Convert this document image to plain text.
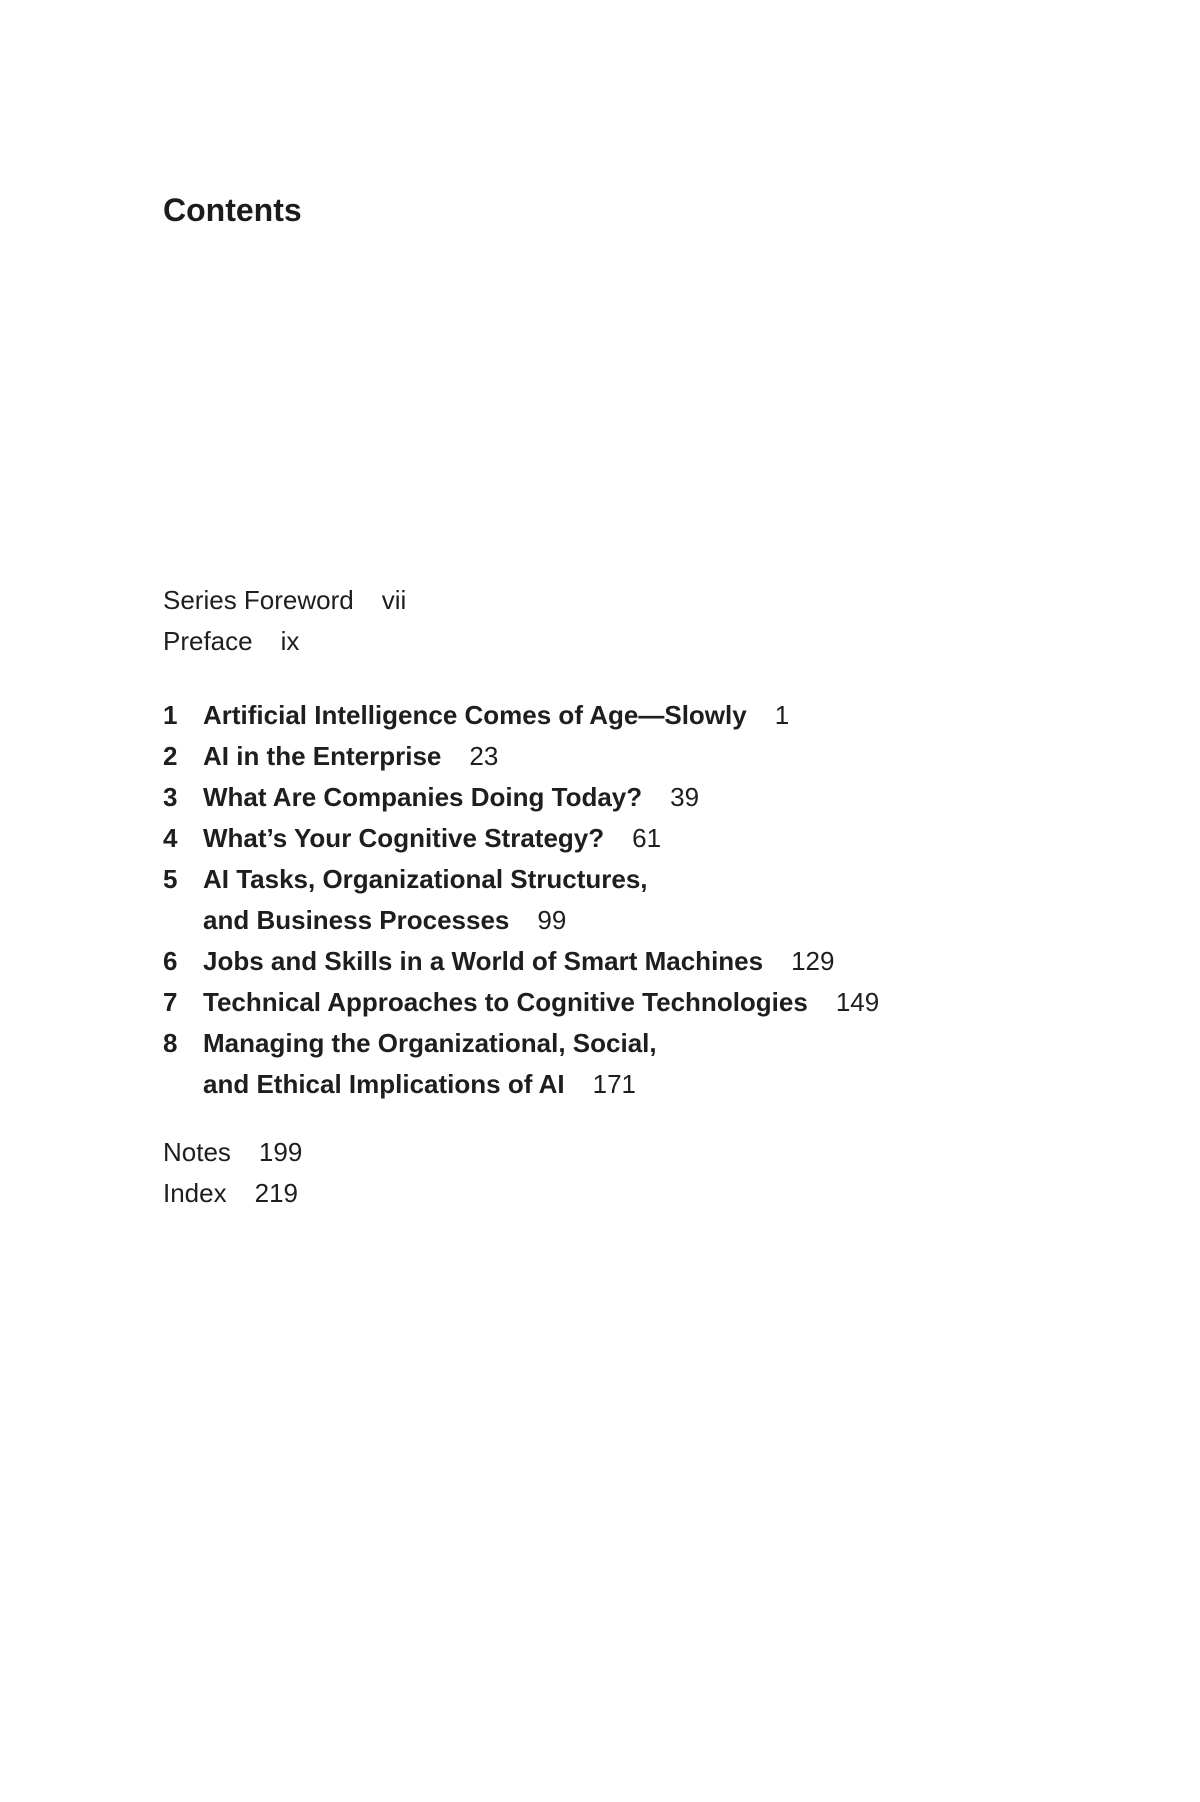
Contents
Series Foreword vii
Preface ix
1 Artificial Intelligence Comes of Age—Slowly 1
2 AI in the Enterprise 23
3 What Are Companies Doing Today? 39
4 What’s Your Cognitive Strategy? 61
5 AI Tasks, Organizational Structures,
and Business Processes 99
6 Jobs and Skills in a World of Smart Machines 129
7 Technical Approaches to Cognitive Technologies 149
8 Managing the Organizational, Social,
and Ethical Implications of AI 171
Notes 199
Index 219
